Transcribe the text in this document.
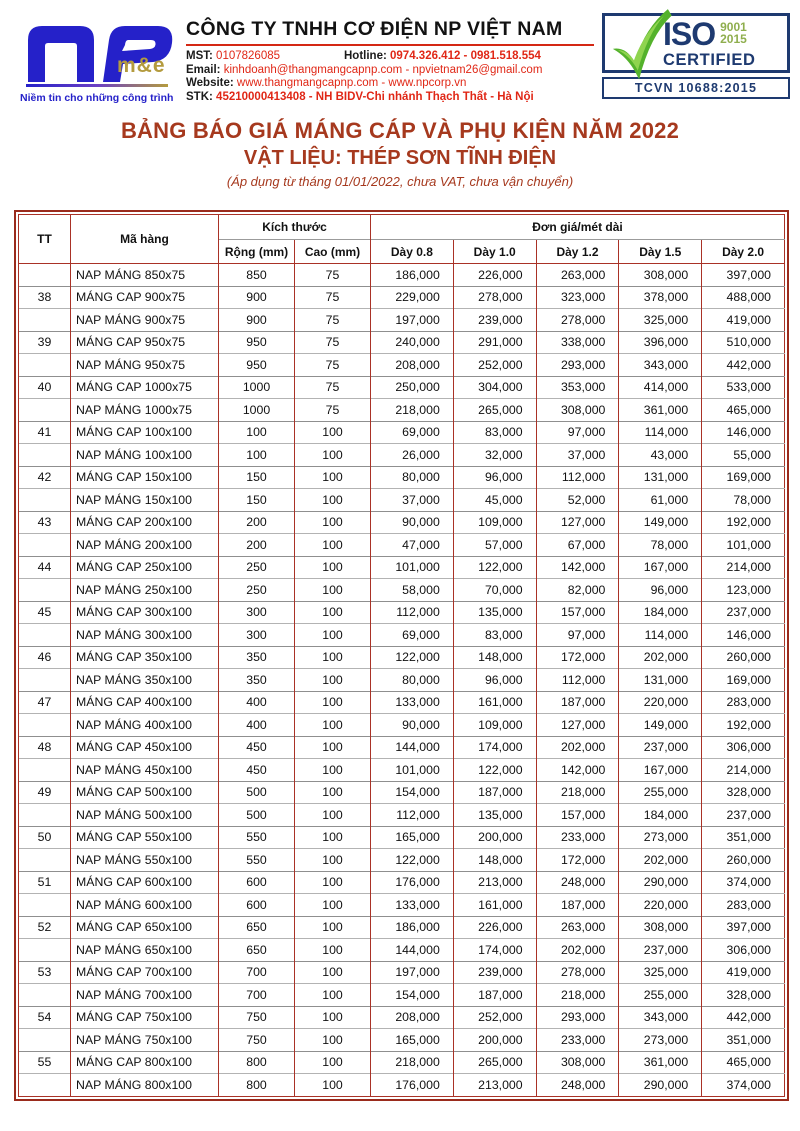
m&e
Niềm tin cho những công trình
CÔNG TY TNHH CƠ ĐIỆN NP VIỆT NAM
MST: 0107826085	Hotline: 0974.326.412 - 0981.518.554
Email: kinhdoanh@thangmangcapnp.com - npvietnam26@gmail.com
Website: www.thangmangcapnp.com - www.npcorp.vn
STK: 45210000413408 - NH BIDV-Chi nhánh Thạch Thất - Hà Nội
ISO 9001
2015
CERTIFIED
TCVN 10688:2015
BẢNG BÁO GIÁ MÁNG CÁP VÀ PHỤ KIỆN NĂM 2022
VẬT LIỆU: THÉP SƠN TĨNH ĐIỆN
(Áp dụng từ tháng 01/01/2022, chưa VAT, chưa vận chuyển)
TT	Mã hàng	Kích thước		Đơn giá/mét dài				
		Rộng (mm)	Cao (mm)	Dày 0.8	Dày 1.0	Dày 1.2	Dày 1.5	Dày 2.0
	NAP MÁNG 850x75	850	75	186,000	226,000	263,000	308,000	397,000
38	MÁNG CAP 900x75	900	75	229,000	278,000	323,000	378,000	488,000
	NAP MÁNG 900x75	900	75	197,000	239,000	278,000	325,000	419,000
39	MÁNG CAP 950x75	950	75	240,000	291,000	338,000	396,000	510,000
	NAP MÁNG 950x75	950	75	208,000	252,000	293,000	343,000	442,000
40	MÁNG CAP 1000x75	1000	75	250,000	304,000	353,000	414,000	533,000
	NAP MÁNG 1000x75	1000	75	218,000	265,000	308,000	361,000	465,000
41	MÁNG CAP 100x100	100	100	69,000	83,000	97,000	114,000	146,000
	NAP MÁNG 100x100	100	100	26,000	32,000	37,000	43,000	55,000
42	MÁNG CAP 150x100	150	100	80,000	96,000	112,000	131,000	169,000
	NAP MÁNG 150x100	150	100	37,000	45,000	52,000	61,000	78,000
43	MÁNG CAP 200x100	200	100	90,000	109,000	127,000	149,000	192,000
	NAP MÁNG 200x100	200	100	47,000	57,000	67,000	78,000	101,000
44	MÁNG CAP 250x100	250	100	101,000	122,000	142,000	167,000	214,000
	NAP MÁNG 250x100	250	100	58,000	70,000	82,000	96,000	123,000
45	MÁNG CAP 300x100	300	100	112,000	135,000	157,000	184,000	237,000
	NAP MÁNG 300x100	300	100	69,000	83,000	97,000	114,000	146,000
46	MÁNG CAP 350x100	350	100	122,000	148,000	172,000	202,000	260,000
	NAP MÁNG 350x100	350	100	80,000	96,000	112,000	131,000	169,000
47	MÁNG CAP 400x100	400	100	133,000	161,000	187,000	220,000	283,000
	NAP MÁNG 400x100	400	100	90,000	109,000	127,000	149,000	192,000
48	MÁNG CAP 450x100	450	100	144,000	174,000	202,000	237,000	306,000
	NAP MÁNG 450x100	450	100	101,000	122,000	142,000	167,000	214,000
49	MÁNG CAP 500x100	500	100	154,000	187,000	218,000	255,000	328,000
	NAP MÁNG 500x100	500	100	112,000	135,000	157,000	184,000	237,000
50	MÁNG CAP 550x100	550	100	165,000	200,000	233,000	273,000	351,000
	NAP MÁNG 550x100	550	100	122,000	148,000	172,000	202,000	260,000
51	MÁNG CAP 600x100	600	100	176,000	213,000	248,000	290,000	374,000
	NAP MÁNG 600x100	600	100	133,000	161,000	187,000	220,000	283,000
52	MÁNG CAP 650x100	650	100	186,000	226,000	263,000	308,000	397,000
	NAP MÁNG 650x100	650	100	144,000	174,000	202,000	237,000	306,000
53	MÁNG CAP 700x100	700	100	197,000	239,000	278,000	325,000	419,000
	NAP MÁNG 700x100	700	100	154,000	187,000	218,000	255,000	328,000
54	MÁNG CAP 750x100	750	100	208,000	252,000	293,000	343,000	442,000
	NAP MÁNG 750x100	750	100	165,000	200,000	233,000	273,000	351,000
55	MÁNG CAP 800x100	800	100	218,000	265,000	308,000	361,000	465,000
	NAP MÁNG 800x100	800	100	176,000	213,000	248,000	290,000	374,000
